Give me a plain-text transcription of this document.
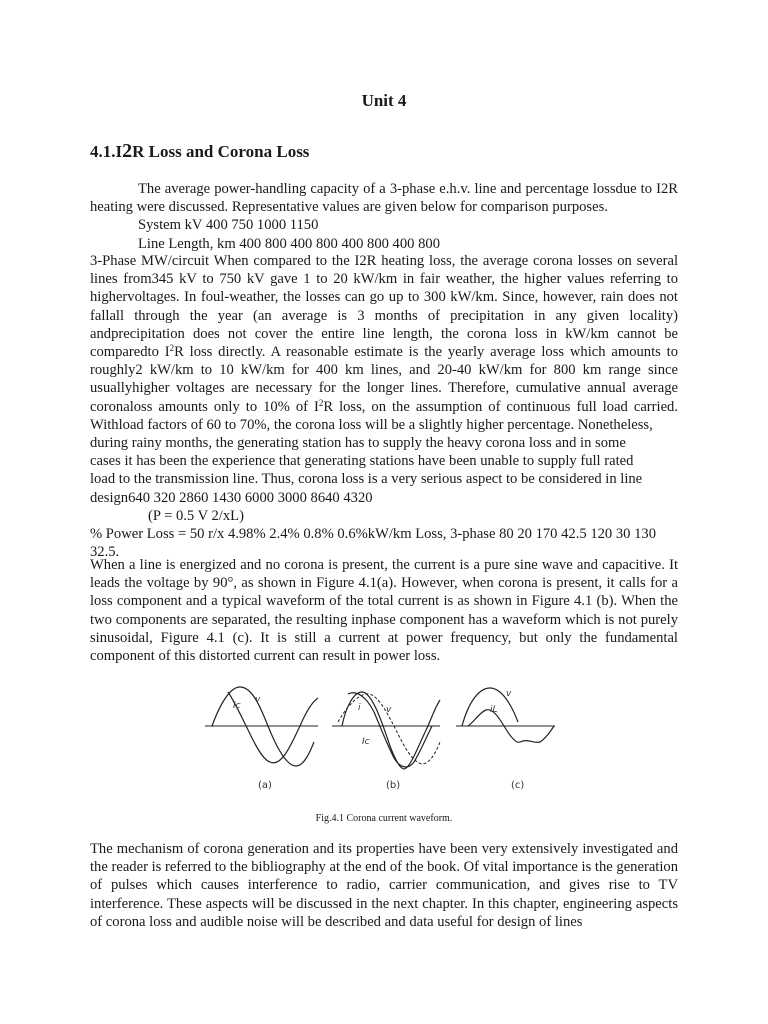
Unit 4
4.1.I2R Loss and Corona Loss

The average power-handling capacity of a 3-phase e.h.v. line and percentage lossdue to I2R heating were discussed. Representative values are given below for comparison purposes.

System kV 400 750 1000 1150

Line Length, km 400 800 400 800 400 800 400 800

3-Phase MW/circuit When compared to the I2R heating loss, the average corona losses on several lines from345 kV to 750 kV gave 1 to 20 kW/km in fair weather, the higher values referring to highervoltages. In foul-weather, the losses can go up to 300 kW/km. Since, however, rain does not fallall through the year (an average is 3 months of precipitation in any given locality) andprecipitation does not cover the entire line length, the corona loss in kW/km cannot be comparedto $I^2R$ loss directly. A reasonable estimate is the yearly average loss which amounts to roughly2 kW/km to 10 kW/km for 400 km lines, and 20-40 kW/km for 800 km range since usuallyhigher voltages are necessary for the longer lines. Therefore, cumulative annual average coronaloss amounts only to 10% of $I^2R$ loss, on the assumption of continuous full load carried. Withload factors of 60 to 70%, the corona loss will be a slightly higher percentage. Nonetheless,

during rainy months, the generating station has to supply the heavy corona loss and in some

cases it has been the experience that generating stations have been unable to supply full rated

load to the transmission line. Thus, corona loss is a very serious aspect to be considered in line

design640 320 2860 1430 6000 3000 8640 4320

(P = 0.5 V 2/xL)

% Power Loss = 50 r/x 4.98% 2.4% 0.8% 0.6%kW/km Loss, 3-phase 80 20 170 42.5 120 30 130 32.5.

When a line is energized and no corona is present, the current is a pure sine wave and capacitive. It leads the voltage by 90°, as shown in Figure 4.1(a). However, when corona is present, it calls for a loss component and a typical waveform of the total current is as shown in Figure 4.1 (b). When the two components are separated, the resulting inphase component has a waveform which is not purely sinusoidal, Figure 4.1 (c). It is still a current at power frequency, but only the fundamental component of this distorted current can result in power loss.

Ic
v
(a)
i	v
Ic
(b)
v
iL
(c)

Fig.4.1 Corona current waveform.

The mechanism of corona generation and its properties have been very extensively investigated and the reader is referred to the bibliography at the end of the book. Of vital importance is the generation of pulses which causes interference to radio, carrier communication, and gives rise to TV interference. These aspects will be discussed in the next chapter. In this chapter, engineering aspects of corona loss and audible noise will be described and data useful for design of lines
